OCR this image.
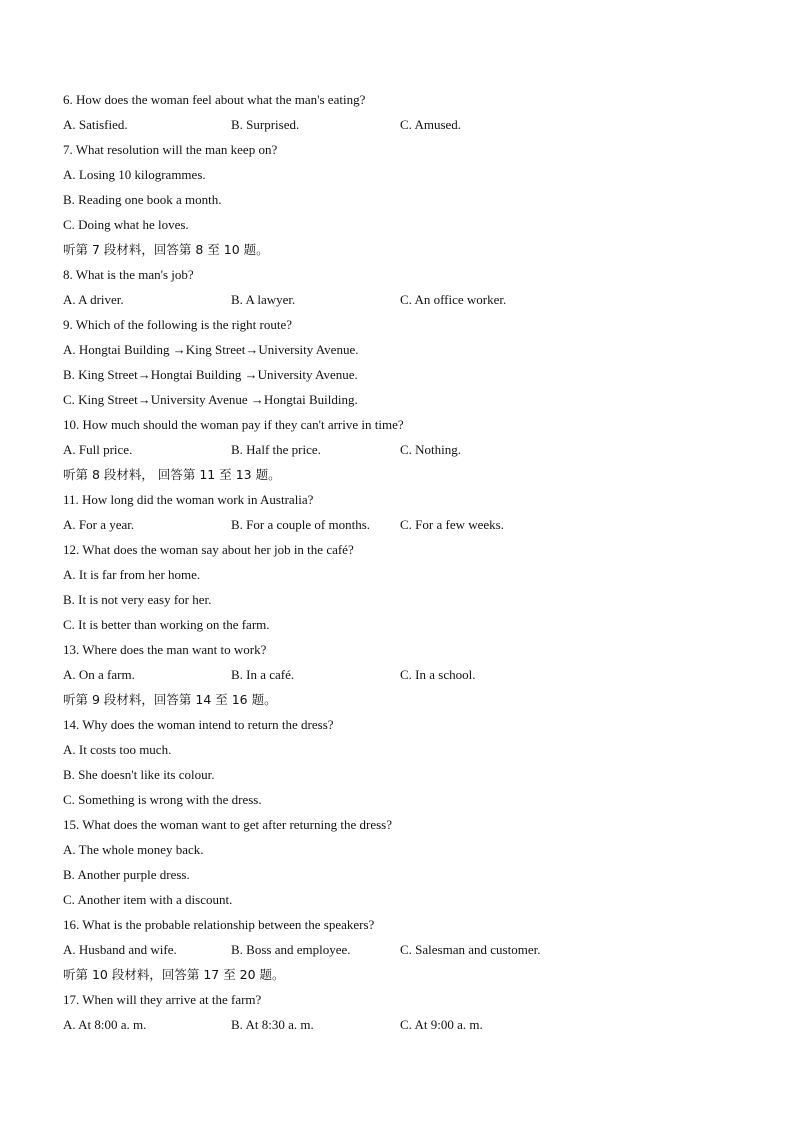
6. How does the woman feel about what the man's eating?
A. Satisfied.	B. Surprised.	C. Amused.
7. What resolution will the man keep on?
A. Losing 10 kilogrammes.
B. Reading one book a month.
C. Doing what he loves.
听第 7 段材料，回答第 8 至 10 题。
8. What is the man's job?
A. A driver.	B. A lawyer.	C. An office worker.
9. Which of the following is the right route?
A. Hongtai Building →King Street→University Avenue.
B. King Street→Hongtai Building →University Avenue.
C. King Street→University Avenue →Hongtai Building.
10. How much should the woman pay if they can't arrive in time?
A. Full price.	B. Half the price.	C. Nothing.
听第 8 段材料， 回答第 11 至 13 题。
11. How long did the woman work in Australia?
A. For a year.	B. For a couple of months.	C. For a few weeks.
12. What does the woman say about her job in the café?
A. It is far from her home.
B. It is not very easy for her.
C. It is better than working on the farm.
13. Where does the man want to work?
A. On a farm.	B. In a café.	C. In a school.
听第 9 段材料，回答第 14 至 16 题。
14. Why does the woman intend to return the dress?
A. It costs too much.
B. She doesn't like its colour.
C. Something is wrong with the dress.
15. What does the woman want to get after returning the dress?
A. The whole money back.
B. Another purple dress.
C. Another item with a discount.
16. What is the probable relationship between the speakers?
A. Husband and wife.	B. Boss and employee.	C. Salesman and customer.
听第 10 段材料，回答第 17 至 20 题。
17. When will they arrive at the farm?
A. At 8:00 a. m.	B. At 8:30 a. m.	C. At 9:00 a. m.
